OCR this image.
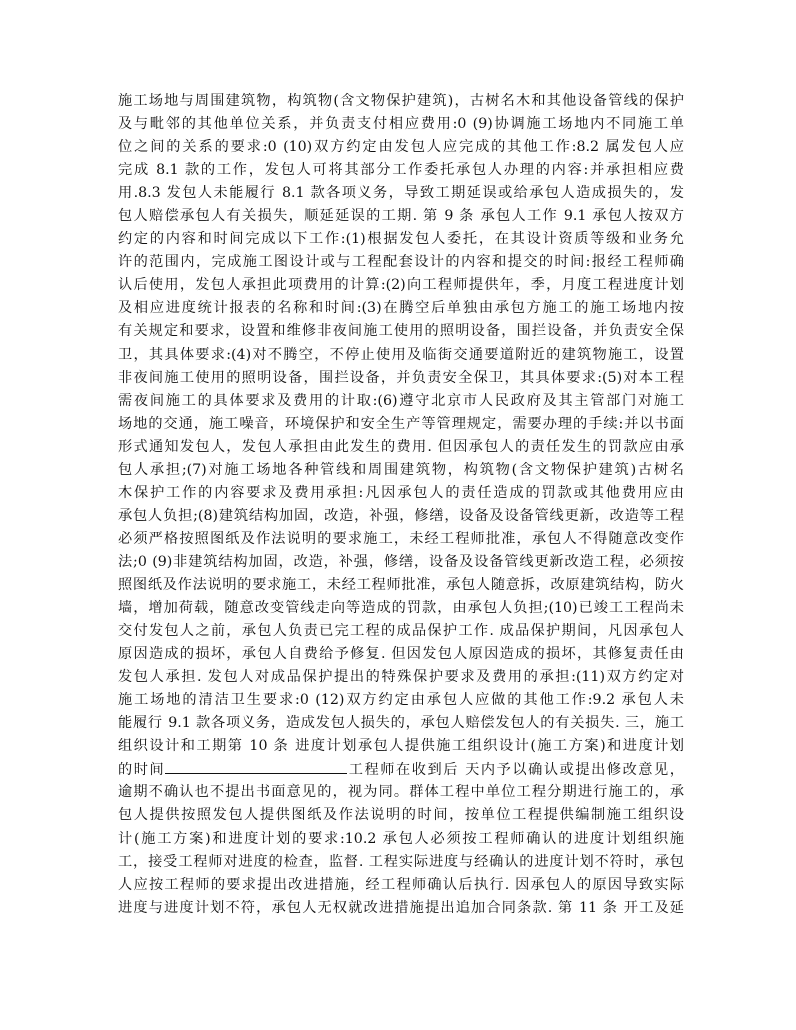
施工场地与周围建筑物，构筑物(含文物保护建筑)，古树名木和其他设备管线的保护
及与毗邻的其他单位关系，并负责支付相应费用:0 (9)协调施工场地内不同施工单
位之间的关系的要求:0 (10)双方约定由发包人应完成的其他工作:8.2 属发包人应
完成 8.1 款的工作，发包人可将其部分工作委托承包人办理的内容:并承担相应费
用.8.3 发包人未能履行 8.1 款各项义务，导致工期延误或给承包人造成损失的，发
包人赔偿承包人有关损失，顺延延误的工期. 第 9 条 承包人工作 9.1 承包人按双方
约定的内容和时间完成以下工作:(1)根据发包人委托，在其设计资质等级和业务允
许的范围内，完成施工图设计或与工程配套设计的内容和提交的时间:报经工程师确
认后使用，发包人承担此项费用的计算:(2)向工程师提供年，季，月度工程进度计划
及相应进度统计报表的名称和时间:(3)在腾空后单独由承包方施工的施工场地内按
有关规定和要求，设置和维修非夜间施工使用的照明设备，围拦设备，并负责安全保
卫，其具体要求:(4)对不腾空，不停止使用及临街交通要道附近的建筑物施工，设置
非夜间施工使用的照明设备，围拦设备，并负责安全保卫，其具体要求:(5)对本工程
需夜间施工的具体要求及费用的计取:(6)遵守北京市人民政府及其主管部门对施工
场地的交通，施工噪音，环境保护和安全生产等管理规定，需要办理的手续:并以书面
形式通知发包人，发包人承担由此发生的费用. 但因承包人的责任发生的罚款应由承
包人承担;(7)对施工场地各种管线和周围建筑物，构筑物(含文物保护建筑)古树名
木保护工作的内容要求及费用承担:凡因承包人的责任造成的罚款或其他费用应由
承包人负担;(8)建筑结构加固，改造，补强，修缮，设备及设备管线更新，改造等工程
必须严格按照图纸及作法说明的要求施工，未经工程师批准，承包人不得随意改变作
法;0 (9)非建筑结构加固，改造，补强，修缮，设备及设备管线更新改造工程，必须按
照图纸及作法说明的要求施工，未经工程师批准，承包人随意拆，改原建筑结构，防火
墙，增加荷载，随意改变管线走向等造成的罚款，由承包人负担;(10)已竣工工程尚未
交付发包人之前，承包人负责已完工程的成品保护工作. 成品保护期间，凡因承包人
原因造成的损坏，承包人自费给予修复. 但因发包人原因造成的损坏，其修复责任由
发包人承担. 发包人对成品保护提出的特殊保护要求及费用的承担:(11)双方约定对
施工场地的清洁卫生要求:0 (12)双方约定由承包人应做的其他工作:9.2 承包人未
能履行 9.1 款各项义务，造成发包人损失的，承包人赔偿发包人的有关损失. 三，施工
组织设计和工期第 10 条 进度计划承包人提供施工组织设计(施工方案)和进度计划
的时间	工程师在收到后 天内予以确认或提出修改意见，
逾期不确认也不提出书面意见的，视为同。群体工程中单位工程分期进行施工的，承
包人提供按照发包人提供图纸及作法说明的时间，按单位工程提供编制施工组织设
计(施工方案)和进度计划的要求:10.2 承包人必须按工程师确认的进度计划组织施
工，接受工程师对进度的检查，监督. 工程实际进度与经确认的进度计划不符时，承包
人应按工程师的要求提出改进措施，经工程师确认后执行. 因承包人的原因导致实际
进度与进度计划不符，承包人无权就改进措施提出追加合同条款. 第 11 条 开工及延
